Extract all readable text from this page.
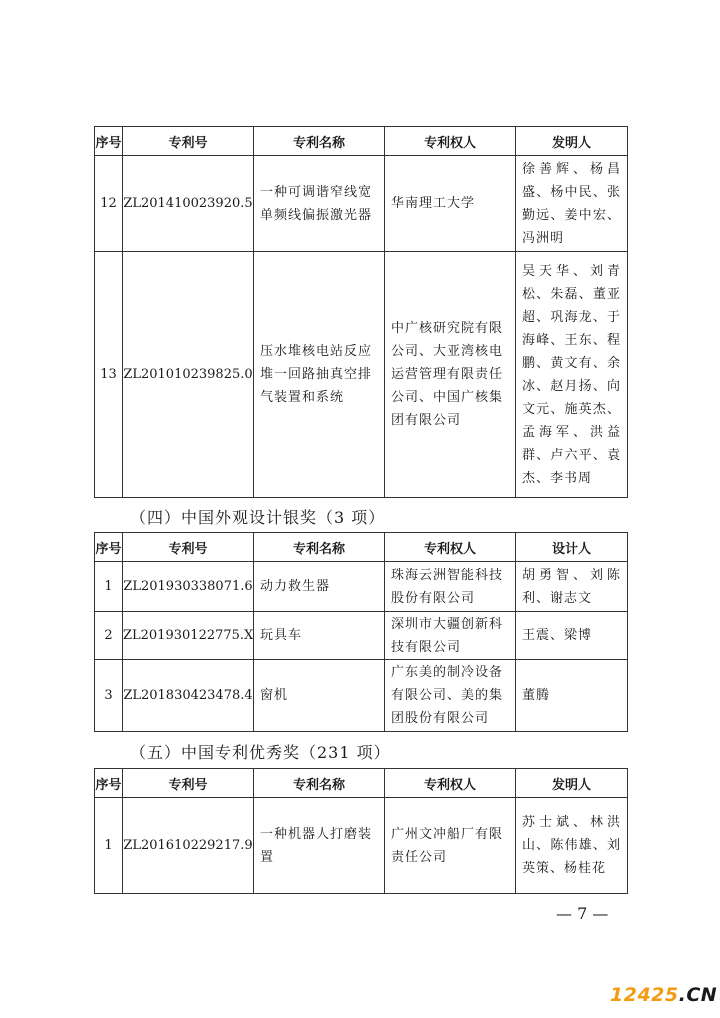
序号	专利号	专利名称	专利权人	发明人
12	ZL201410023920.5	一种可调谐窄线宽单频线偏振激光器	华南理工大学	徐善辉、杨昌盛、杨中民、张勤远、姜中宏、冯洲明
13	ZL201010239825.0	压水堆核电站反应堆一回路抽真空排气装置和系统	中广核研究院有限公司、大亚湾核电运营管理有限责任公司、中国广核集团有限公司	吴天华、刘青松、朱磊、董亚超、巩海龙、于海峰、王东、程鹏、黄文有、余冰、赵月扬、向文元、施英杰、孟海军、洪益群、卢六平、袁杰、李书周
（四）中国外观设计银奖（3 项）
序号	专利号	专利名称	专利权人	设计人
1	ZL201930338071.6	动力救生器	珠海云洲智能科技股份有限公司	胡勇智、刘陈利、谢志文
2	ZL201930122775.X	玩具车	深圳市大疆创新科技有限公司	王震、梁博
3	ZL201830423478.4	窗机	广东美的制冷设备有限公司、美的集团股份有限公司	董腾
（五）中国专利优秀奖（231 项）
序号	专利号	专利名称	专利权人	发明人
1	ZL201610229217.9	一种机器人打磨装置	广州文冲船厂有限责任公司	苏士斌、林洪山、陈伟雄、刘英策、杨桂花
— 7 —
12425.CN
